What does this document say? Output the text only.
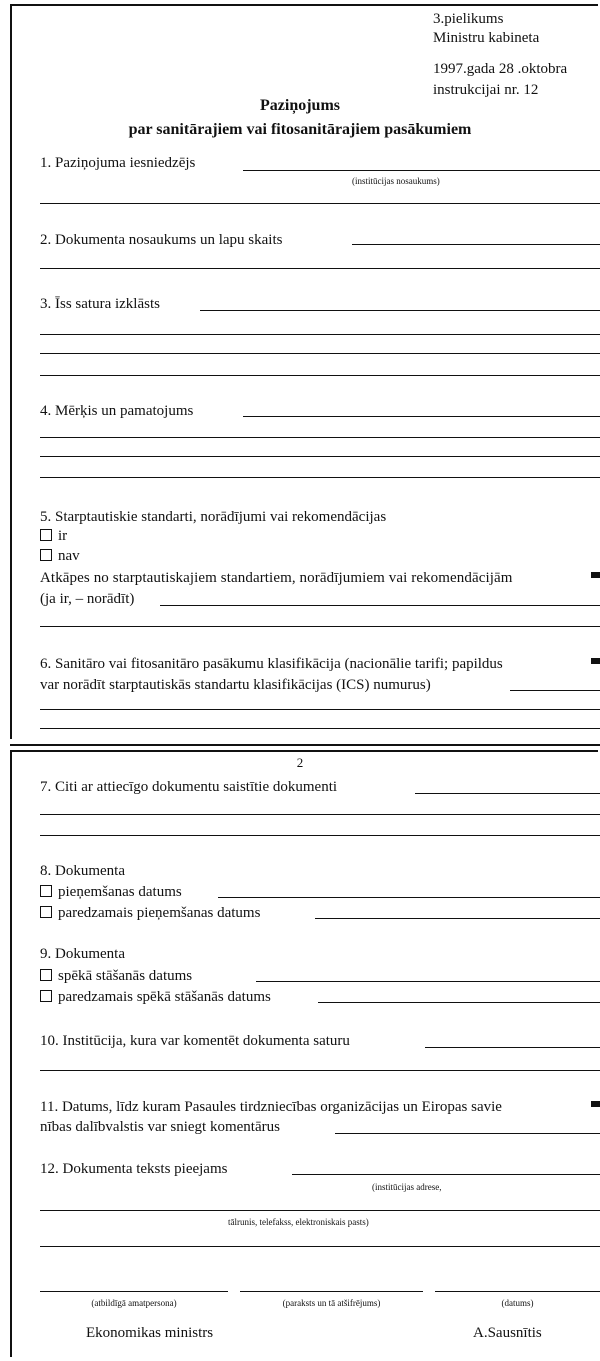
3.pielikums
Ministru kabineta
1997.gada 28 .oktobra
instrukcijai nr. 12
Paziņojums
par sanitārajiem vai fitosanitārajiem pasākumiem
1. Paziņojuma iesniedzējs
(institūcijas nosaukums)
2. Dokumenta nosaukums un lapu skaits
3. Īss satura izklāsts
4. Mērķis un pamatojums
5. Starptautiskie standarti, norādījumi vai rekomendācijas
ir
nav
Atkāpes no starptautiskajiem standartiem, norādījumiem vai rekomendācijām
(ja ir, – norādīt)
6. Sanitāro vai fitosanitāro pasākumu klasifikācija (nacionālie tarifi; papildus
var norādīt starptautiskās standartu klasifikācijas (ICS) numurus)
2
7. Citi ar attiecīgo dokumentu saistītie dokumenti
8. Dokumenta
pieņemšanas datums
paredzamais pieņemšanas datums
9. Dokumenta
spēkā stāšanās datums
paredzamais spēkā stāšanās datums
10. Institūcija, kura var komentēt dokumenta saturu
11. Datums, līdz kuram Pasaules tirdzniecības organizācijas un Eiropas savie
nības dalībvalstis var sniegt komentārus
12. Dokumenta teksts pieejams
(institūcijas adrese,
tālrunis, telefakss, elektroniskais pasts)
(atbildīgā amatpersona)	(paraksts un tā atšifrējums)	(datums)
Ekonomikas ministrs	A.Sausnītis
